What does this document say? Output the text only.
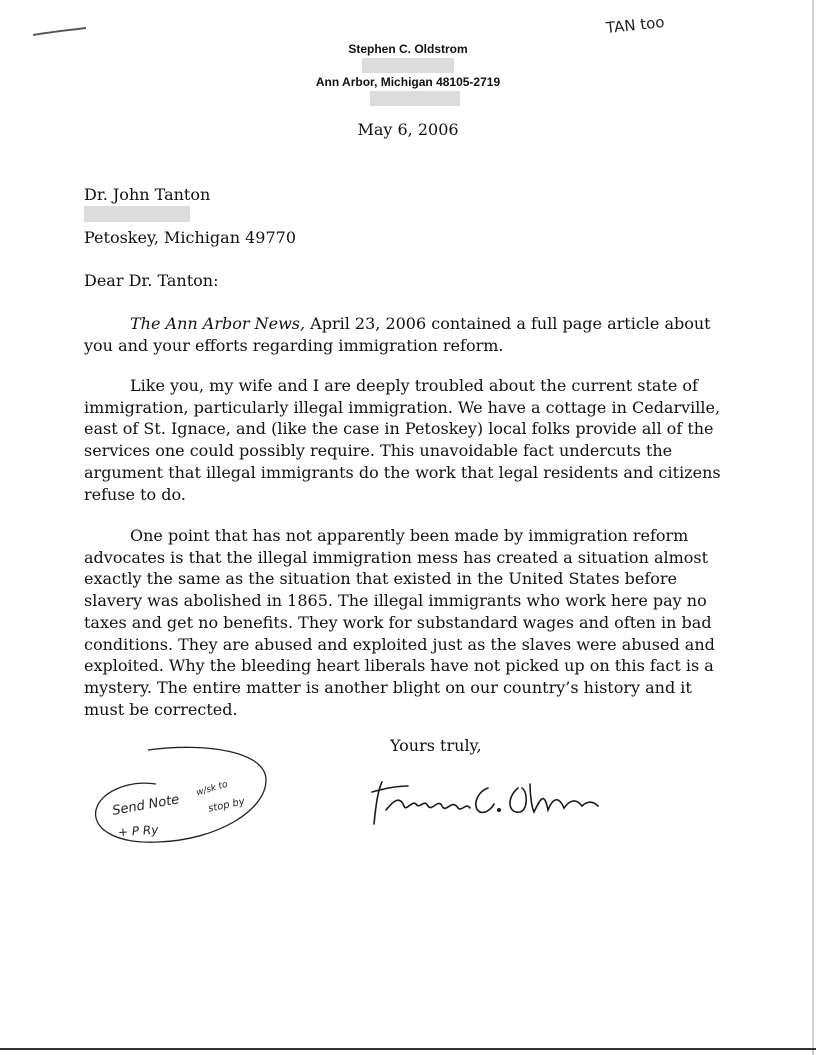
TAN too
Stephen C. Oldstrom
Ann Arbor, Michigan 48105-2719
May 6, 2006
Dr. John Tanton
Petoskey, Michigan 49770
Dear Dr. Tanton:

The Ann Arbor News, April 23, 2006 contained a full page article about you and your efforts regarding immigration reform.

Like you, my wife and I are deeply troubled about the current state of immigration, particularly illegal immigration. We have a cottage in Cedarville, east of St. Ignace, and (like the case in Petoskey) local folks provide all of the services one could possibly require. This unavoidable fact undercuts the argument that illegal immigrants do the work that legal residents and citizens refuse to do.

One point that has not apparently been made by immigration reform advocates is that the illegal immigration mess has created a situation almost exactly the same as the situation that existed in the United States before slavery was abolished in 1865. The illegal immigrants who work here pay no taxes and get no benefits. They work for substandard wages and often in bad conditions. They are abused and exploited just as the slaves were abused and exploited. Why the bleeding heart liberals have not picked up on this fact is a mystery. The entire matter is another blight on our country’s history and it must be corrected.

Yours truly,
Send Note
+ P Ry
w/sk to
stop by
